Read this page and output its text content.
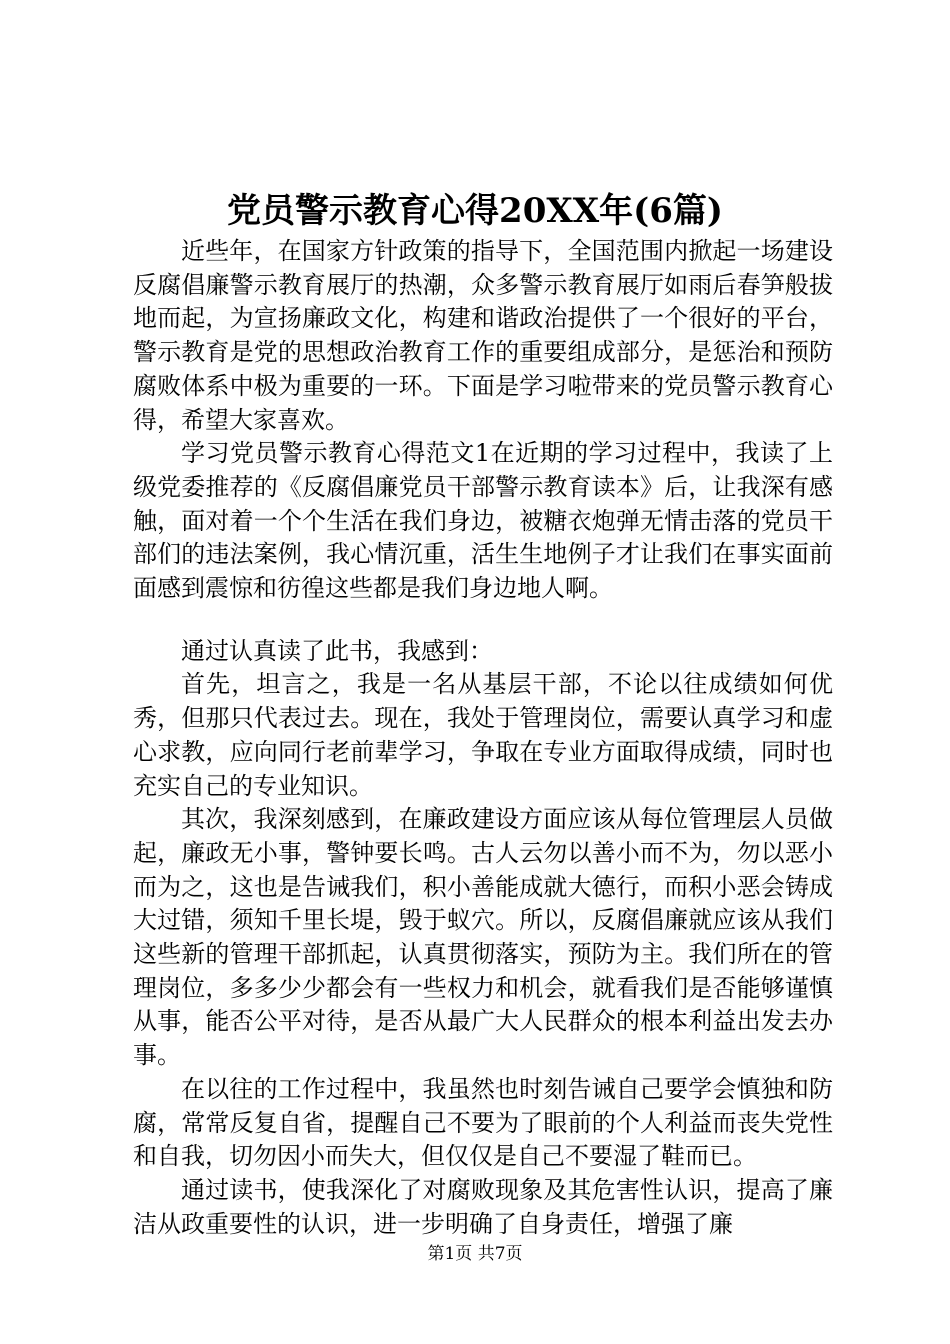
党员警示教育心得20XX年(6篇)

近些年，在国家方针政策的指导下，全国范围内掀起一场建设反腐倡廉警示教育展厅的热潮，众多警示教育展厅如雨后春笋般拔地而起，为宣扬廉政文化，构建和谐政治提供了一个很好的平台，警示教育是党的思想政治教育工作的重要组成部分，是惩治和预防腐败体系中极为重要的一环。下面是学习啦带来的党员警示教育心得，希望大家喜欢。

学习党员警示教育心得范文1在近期的学习过程中，我读了上级党委推荐的《反腐倡廉党员干部警示教育读本》后，让我深有感触，面对着一个个生活在我们身边，被糖衣炮弹无情击落的党员干部们的违法案例，我心情沉重，活生生地例子才让我们在事实面前面感到震惊和彷徨这些都是我们身边地人啊。

通过认真读了此书，我感到：

首先，坦言之，我是一名从基层干部，不论以往成绩如何优秀，但那只代表过去。现在，我处于管理岗位，需要认真学习和虚心求教，应向同行老前辈学习，争取在专业方面取得成绩，同时也充实自己的专业知识。

其次，我深刻感到，在廉政建设方面应该从每位管理层人员做起，廉政无小事，警钟要长鸣。古人云勿以善小而不为，勿以恶小而为之，这也是告诫我们，积小善能成就大德行，而积小恶会铸成大过错，须知千里长堤，毁于蚁穴。所以，反腐倡廉就应该从我们这些新的管理干部抓起，认真贯彻落实，预防为主。我们所在的管理岗位，多多少少都会有一些权力和机会，就看我们是否能够谨慎从事，能否公平对待，是否从最广大人民群众的根本利益出发去办事。

在以往的工作过程中，我虽然也时刻告诫自己要学会慎独和防腐，常常反复自省，提醒自己不要为了眼前的个人利益而丧失党性和自我，切勿因小而失大，但仅仅是自己不要湿了鞋而已。

通过读书，使我深化了对腐败现象及其危害性认识，提高了廉洁从政重要性的认识，进一步明确了自身责任，增强了廉

第1页 共7页
